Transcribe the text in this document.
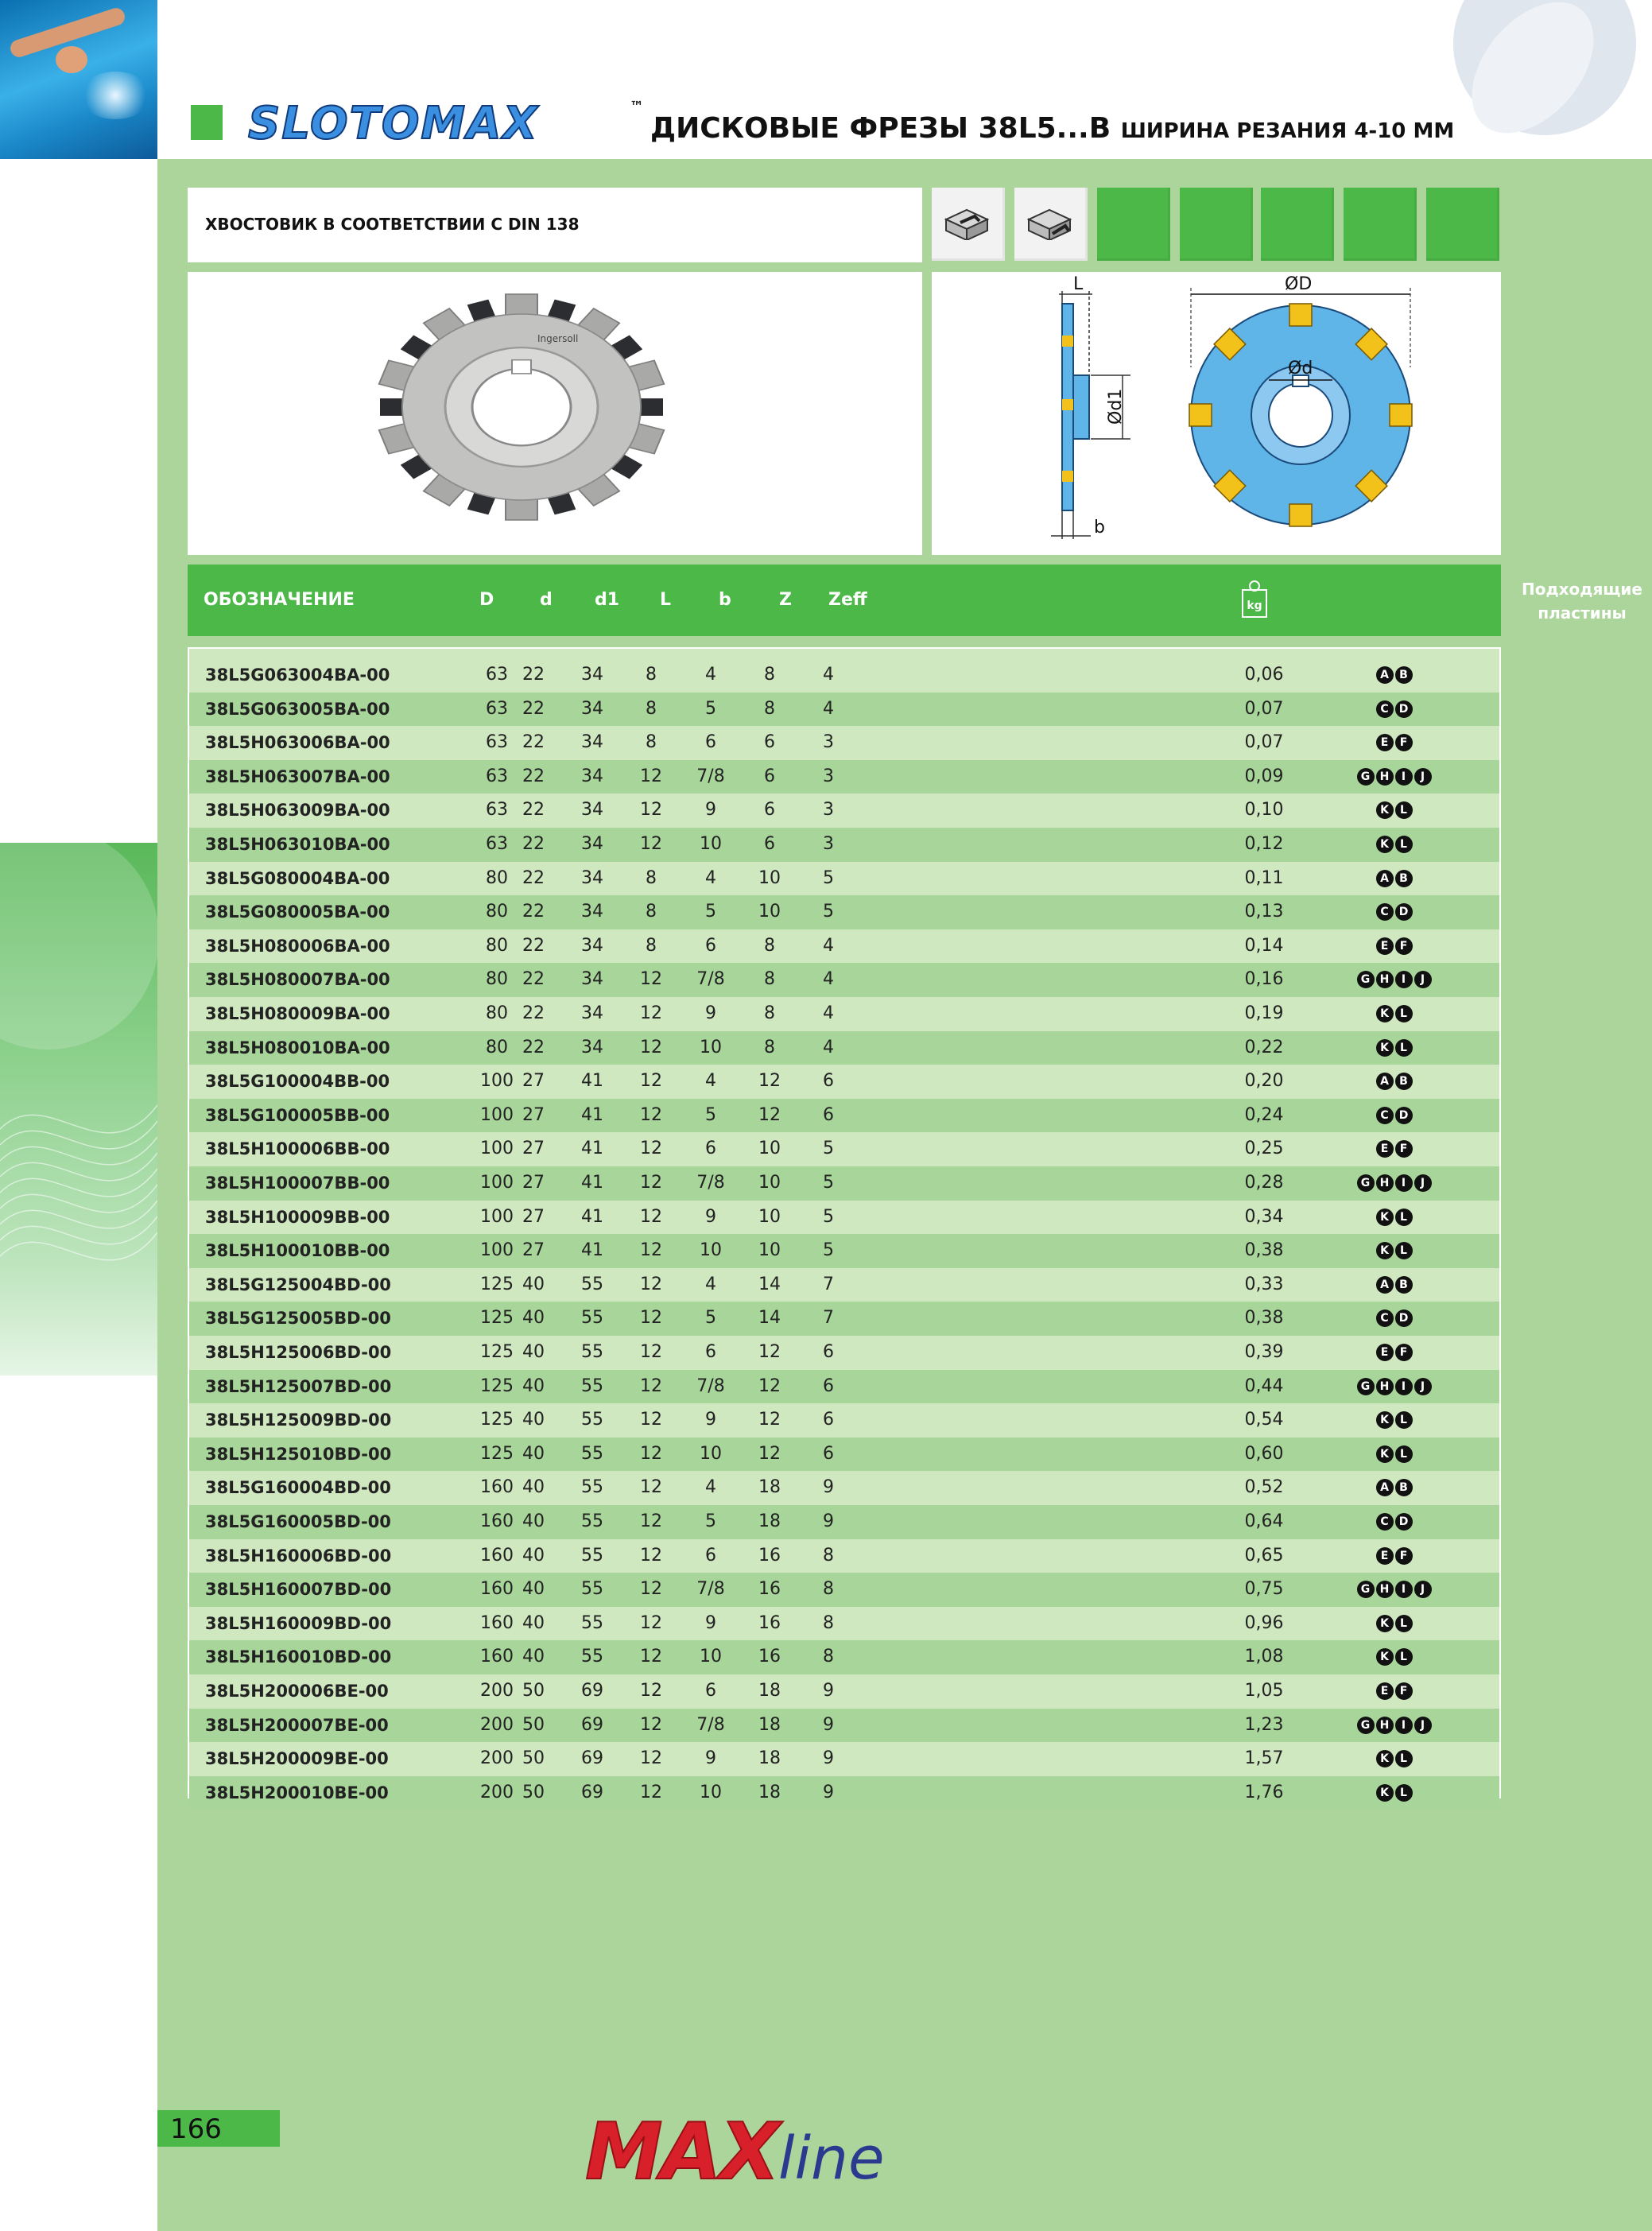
SLOTOMAX	™
ДИСКОВЫЕ ФРЕЗЫ 38L5...B ШИРИНА РЕЗАНИЯ 4-10 ММ
ХВОСТОВИК В СООТВЕТСТВИИ С DIN 138
Ingersoll
L
Ød1
b
Ød
ØD
ОБОЗНАЧЕНИЕ	D	d d1 L	b	Z Zeff
Подходящие
пластины
kg
38L5G063004BA-00	63 22	34	8	4	8	4	0,06	A B
38L5G063005BA-00	63 22	34	8	5	8	4	0,07	C D
38L5H063006BA-00	63 22	34	8	6	6	3	0,07	E F
38L5H063007BA-00	63 22	34	12	7/8	6	3	0,09	G H I J
38L5H063009BA-00	63 22	34	12	9	6	3	0,10	K L
38L5H063010BA-00	63 22	34	12	10	6	3	0,12	K L
38L5G080004BA-00	80 22	34	8	4	10	5	0,11	A B
38L5G080005BA-00	80 22	34	8	5	10	5	0,13	C D
38L5H080006BA-00	80 22	34	8	6	8	4	0,14	E F
38L5H080007BA-00	80 22	34	12	7/8	8	4	0,16	G H I J
38L5H080009BA-00	80 22	34	12	9	8	4	0,19	K L
38L5H080010BA-00	80 22	34	12	10	8	4	0,22	K L
38L5G100004BB-00	100 27	41	12	4	12	6	0,20	A B
38L5G100005BB-00	100 27	41	12	5	12	6	0,24	C D
38L5H100006BB-00	100 27	41	12	6	10	5	0,25	E F
38L5H100007BB-00	100 27	41	12	7/8	10	5	0,28	G H I J
38L5H100009BB-00	100 27	41	12	9	10	5	0,34	K L
38L5H100010BB-00	100 27	41	12	10	10	5	0,38	K L
38L5G125004BD-00	125 40	55	12	4	14	7	0,33	A B
38L5G125005BD-00	125 40	55	12	5	14	7	0,38	C D
38L5H125006BD-00	125 40	55	12	6	12	6	0,39	E F
38L5H125007BD-00	125 40	55	12	7/8	12	6	0,44	G H I J
38L5H125009BD-00	125 40	55	12	9	12	6	0,54	K L
38L5H125010BD-00	125 40	55	12	10	12	6	0,60	K L
38L5G160004BD-00	160 40	55	12	4	18	9	0,52	A B
38L5G160005BD-00	160 40	55	12	5	18	9	0,64	C D
38L5H160006BD-00	160 40	55	12	6	16	8	0,65	E F
38L5H160007BD-00	160 40	55	12	7/8	16	8	0,75	G H I J
38L5H160009BD-00	160 40	55	12	9	16	8	0,96	K L
38L5H160010BD-00	160 40	55	12	10	16	8	1,08	K L
38L5H200006BE-00	200 50	69	12	6	18	9	1,05	E F
38L5H200007BE-00	200 50	69	12	7/8	18	9	1,23	G H I J
38L5H200009BE-00	200 50	69	12	9	18	9	1,57	K L
38L5H200010BE-00	200 50	69	12	10	18	9	1,76	K L
166	MAXline
